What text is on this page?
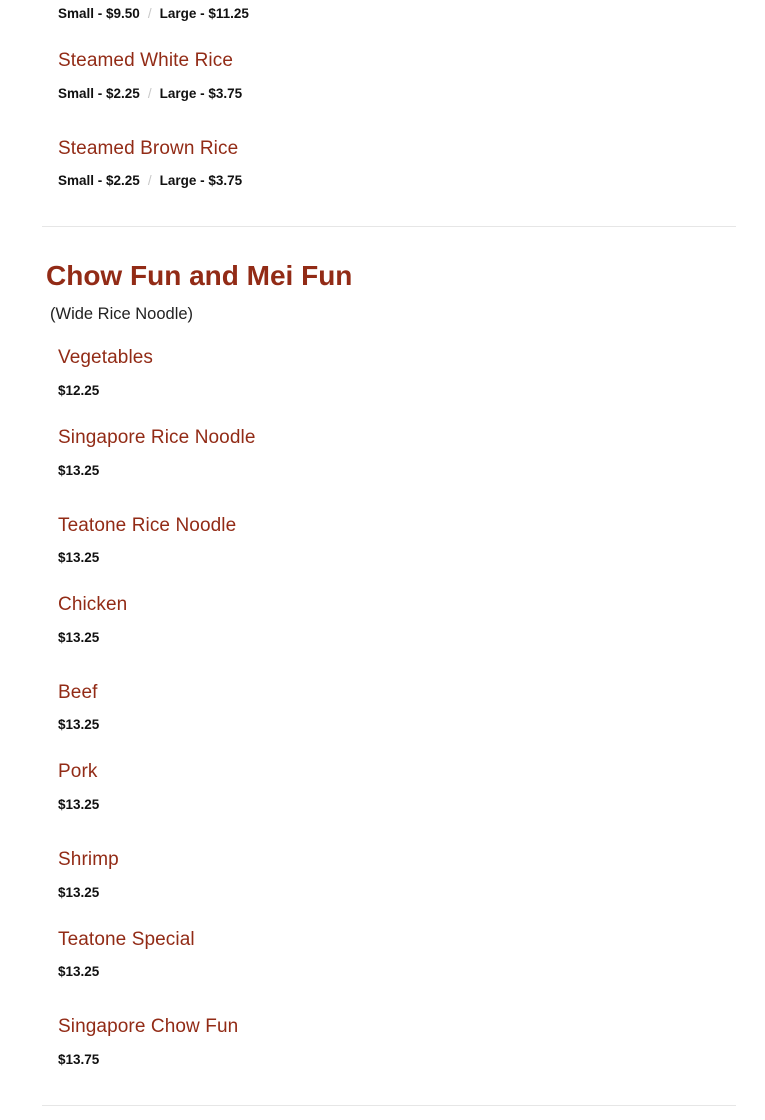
Small - $9.50 / Large - $11.25
Steamed White Rice
Small - $2.25 / Large - $3.75
Steamed Brown Rice
Small - $2.25 / Large - $3.75
Chow Fun and Mei Fun

(Wide Rice Noodle)

Vegetables
$12.25
Singapore Rice Noodle
$13.25
Teatone Rice Noodle
$13.25
Chicken
$13.25
Beef
$13.25
Pork
$13.25
Shrimp
$13.25
Teatone Special
$13.25
Singapore Chow Fun
$13.75
